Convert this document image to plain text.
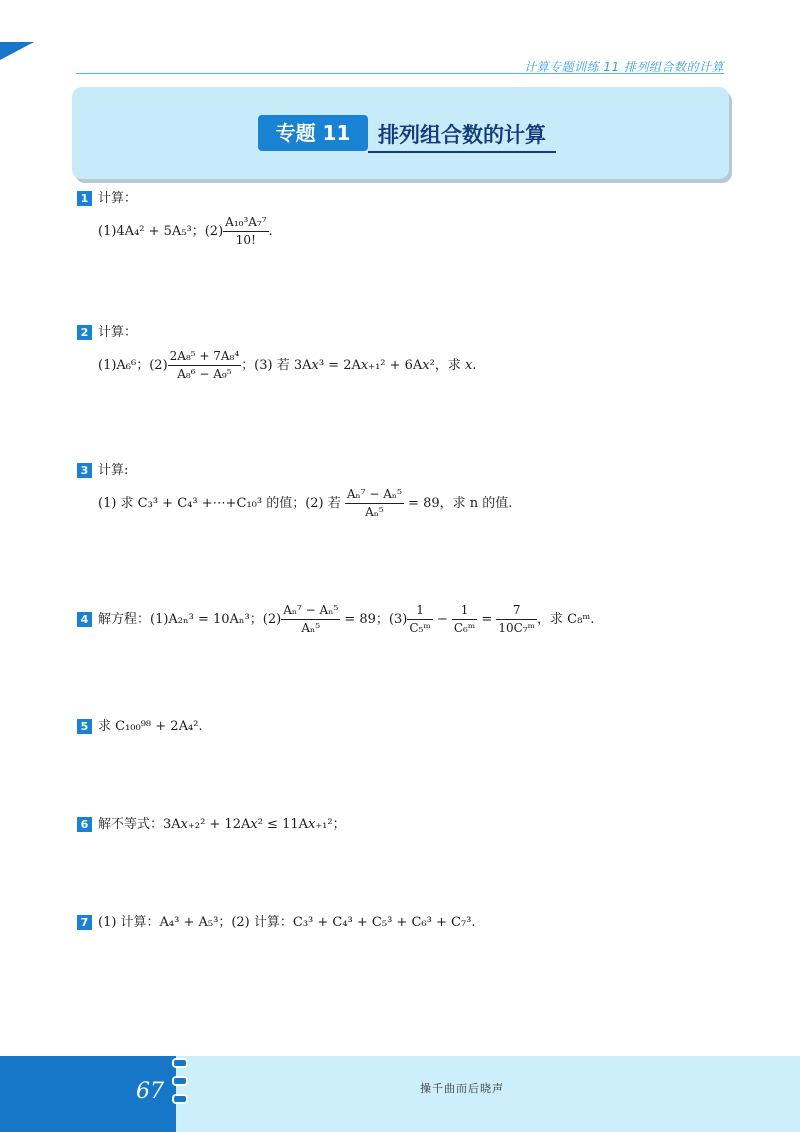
计算专题训练 11 排列组合数的计算
专题 11	排列组合数的计算
1 计算：
(1)4A₄² + 5A₅³；$(2) \frac{\text{A₁₀³A₇⁷}}{10!}$ .
2 计算：
(1)A₆⁶；$(2) \frac{\text{2A₈⁵ + 7A₈⁴}}{\text{A₈⁶ − A₉⁵}}$ ；(3) 若 3A𝑥³ = 2A𝑥₊₁² + 6A𝑥²，求 𝑥.
3 计算:
(1) 求 C₃³ + C₄³ +⋯+C₁₀³ 的值；(2) 若 $\frac{\text{Aₙ⁷ − Aₙ⁵}}{\text{Aₙ⁵}} = 89$，求 n 的值.
4 解方程：(1)A₂ₙ³ = 10Aₙ³；$(2) \frac{\text{Aₙ⁷ − Aₙ⁵}}{\text{Aₙ⁵}} = 89$；$(3) \frac{1}{\text{C₅ᵐ}} - \frac{1}{\text{C₆ᵐ}} = \frac{7}{\text{10C₇ᵐ}}$ ，求 C₈ᵐ.
5 求 C₁₀₀⁹⁸ + 2A₄².
6 解不等式：3A𝑥₊₂² + 12A𝑥² ≤ 11A𝑥₊₁²；
7 (1) 计算：A₄³ + A₅³；(2) 计算：C₃³ + C₄³ + C₅³ + C₆³ + C₇³.
67	操千曲而后晓声
